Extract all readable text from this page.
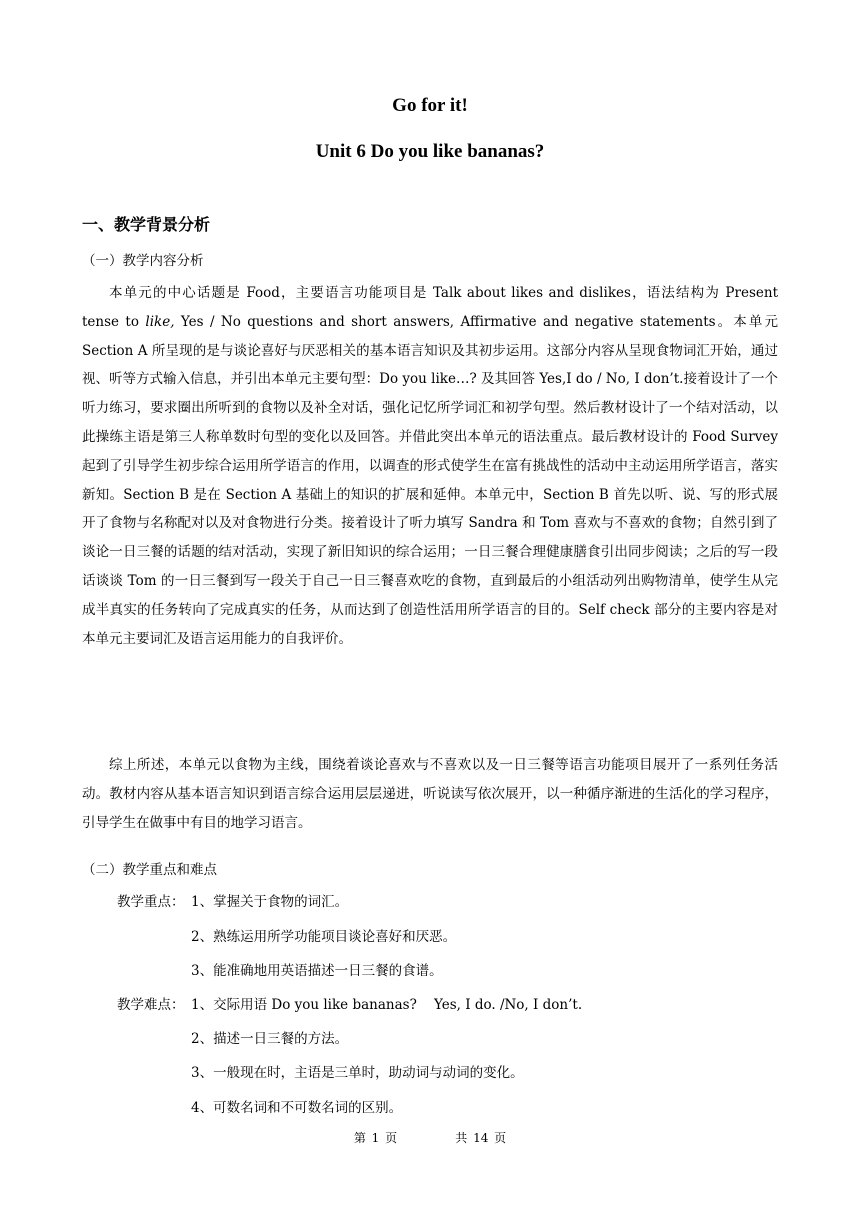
Go for it!
Unit 6 Do you like bananas?
一、教学背景分析
（一）教学内容分析
本单元的中心话题是 Food，主要语言功能项目是 Talk about likes and dislikes，语法结构为 Present tense to like, Yes / No questions and short answers, Affirmative and negative statements。本单元 Section A 所呈现的是与谈论喜好与厌恶相关的基本语言知识及其初步运用。这部分内容从呈现食物词汇开始，通过视、听等方式输入信息，并引出本单元主要句型：Do you like…? 及其回答 Yes,I do / No, I don’t.接着设计了一个听力练习，要求圈出所听到的食物以及补全对话，强化记忆所学词汇和初学句型。然后教材设计了一个结对活动，以此操练主语是第三人称单数时句型的变化以及回答。并借此突出本单元的语法重点。最后教材设计的 Food Survey 起到了引导学生初步综合运用所学语言的作用，以调查的形式使学生在富有挑战性的活动中主动运用所学语言，落实新知。Section B 是在 Section A 基础上的知识的扩展和延伸。本单元中，Section B 首先以听、说、写的形式展开了食物与名称配对以及对食物进行分类。接着设计了听力填写 Sandra 和 Tom 喜欢与不喜欢的食物；自然引到了谈论一日三餐的话题的结对活动，实现了新旧知识的综合运用；一日三餐合理健康膳食引出同步阅读；之后的写一段话谈谈 Tom 的一日三餐到写一段关于自己一日三餐喜欢吃的食物，直到最后的小组活动列出购物清单，使学生从完成半真实的任务转向了完成真实的任务，从而达到了创造性活用所学语言的目的。Self check 部分的主要内容是对本单元主要词汇及语言运用能力的自我评价。
综上所述，本单元以食物为主线，围绕着谈论喜欢与不喜欢以及一日三餐等语言功能项目展开了一系列任务活动。教材内容从基本语言知识到语言综合运用层层递进，听说读写依次展开，以一种循序渐进的生活化的学习程序，引导学生在做事中有目的地学习语言。
（二）教学重点和难点
教学重点： 1、掌握关于食物的词汇。
2、熟练运用所学功能项目谈论喜好和厌恶。
3、能准确地用英语描述一日三餐的食谱。
教学难点： 1、交际用语 Do you like bananas?    Yes, I do. /No, I don’t.
2、描述一日三餐的方法。
3、一般现在时，主语是三单时，助动词与动词的变化。
4、可数名词和不可数名词的区别。
第 1 页          共 14 页
